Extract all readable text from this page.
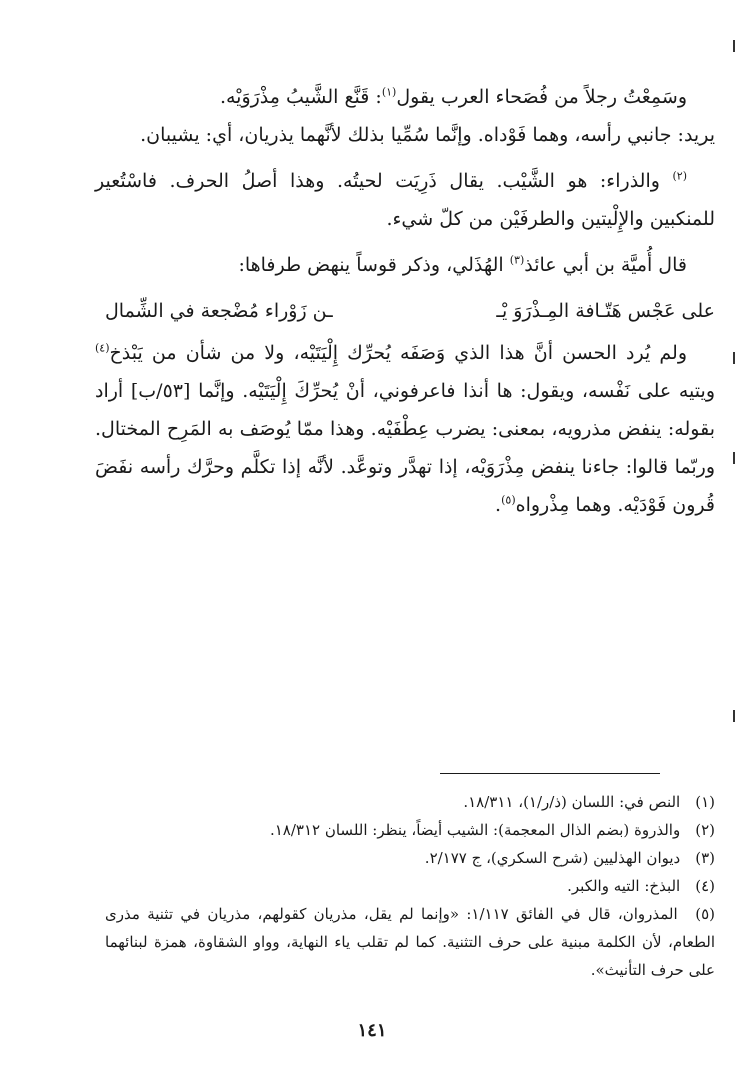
وسَمِعْتُ رجلاً من فُصَحاء العرب يقول$^{(١)}$: قَنَّع الشَّيبُ مِذْرَوَيْه.

يريد: جانبي رأسه، وهما فَوْداه. وإنَّما سُمِّيا بذلك لأنَّهما يذريان، أي: يشيبان.

$^{(٢)}$ والذراء: هو الشَّيْب. يقال ذَرِيَت لحيتُه. وهذا أصلُ الحرف. فاسْتُعير للمنكبين والإِلْيتين والطرفَيْن من كلّ شيء.

قال أُميَّة بن أبي عائذ$^{(٣)}$ الهُذَلي، وذكر قوساً ينهض طرفاها:

على عَجْس هَتّـافة المِـذْرَوَ يْـ
ـن زَوْراء مُضْجعة في الشِّمال

ولم يُرد الحسن أنَّ هذا الذي وَصَفَه يُحرِّك إِلْيَتَيْه، ولا من شأن من يَبْذخ$^{(٤)}$ ويتيه على نَفْسه، ويقول: ها أنذا فاعرفوني، أنْ يُحرِّكَ إِلْيَتَيْه. وإنَّما [٥٣/ب] أراد بقوله: ينفض مذرويه، بمعنى: يضرب عِطْفَيْه. وهذا ممّا يُوصَف به المَرِح المختال. وربّما قالوا: جاءنا ينفض مِذْرَوَيْه، إذا تهدَّر وتوعَّد. لأنَّه إذا تكلَّم وحرَّك رأسه نفَضَ قُرون فَوْدَيْه. وهما مِذْرواه$^{(٥)}$.

(١) النص في: اللسان (ذ/ر/١)، ١٨/٣١١.
(٢) والذروة (بضم الذال المعجمة): الشيب أيضاً، ينظر: اللسان ١٨/٣١٢.
(٣) ديوان الهذليين (شرح السكري)، ج ٢/١٧٧.
(٤) البذخ: التيه والكبر.
(٥) المذروان، قال في الفائق ١/١١٧: «وإنما لم يقل، مذريان كقولهم، مذريان في تثنية مذرى الطعام، لأن الكلمة مبنية على حرف التثنية. كما لم تقلب ياء النهاية، وواو الشقاوة، همزة لبنائهما على حرف التأنيث».
١٤١
